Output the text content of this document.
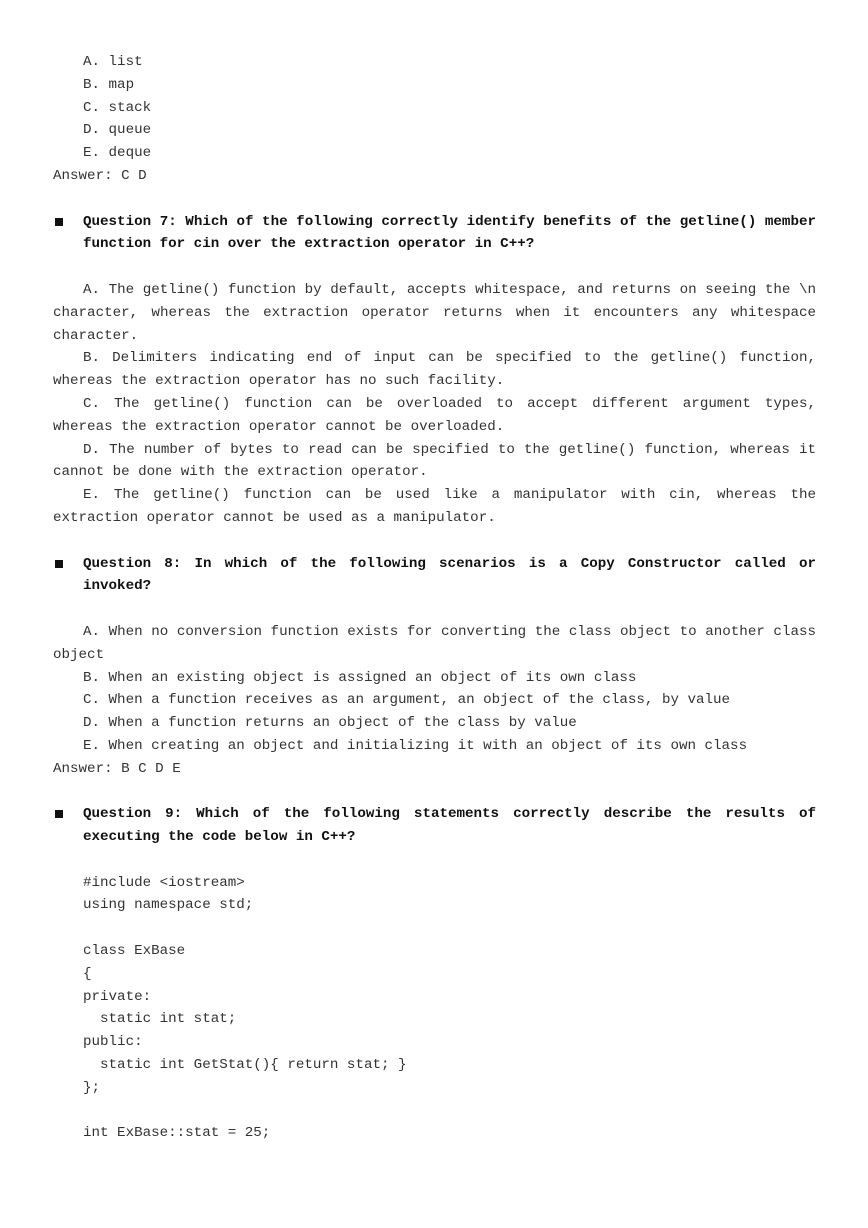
A. list
B. map
C. stack
D. queue
E. deque
Answer: C D
Question 7: Which of the following correctly identify benefits of the getline() member function for cin over the extraction operator in C++?
A. The getline() function by default, accepts whitespace, and returns on seeing the \n character, whereas the extraction operator returns when it encounters any whitespace character.
B. Delimiters indicating end of input can be specified to the getline() function, whereas the extraction operator has no such facility.
C. The getline() function can be overloaded to accept different argument types, whereas the extraction operator cannot be overloaded.
D. The number of bytes to read can be specified to the getline() function, whereas it cannot be done with the extraction operator.
E. The getline() function can be used like a manipulator with cin, whereas the extraction operator cannot be used as a manipulator.
Question 8: In which of the following scenarios is a Copy Constructor called or invoked?
A. When no conversion function exists for converting the class object to another class object
B. When an existing object is assigned an object of its own class
C. When a function receives as an argument, an object of the class, by value
D. When a function returns an object of the class by value
E. When creating an object and initializing it with an object of its own class
Answer: B C D E
Question 9: Which of the following statements correctly describe the results of executing the code below in C++?
#include <iostream>
using namespace std;
class ExBase
{
private:
static int stat;
public:
static int GetStat(){ return stat; }
};
int ExBase::stat = 25;
